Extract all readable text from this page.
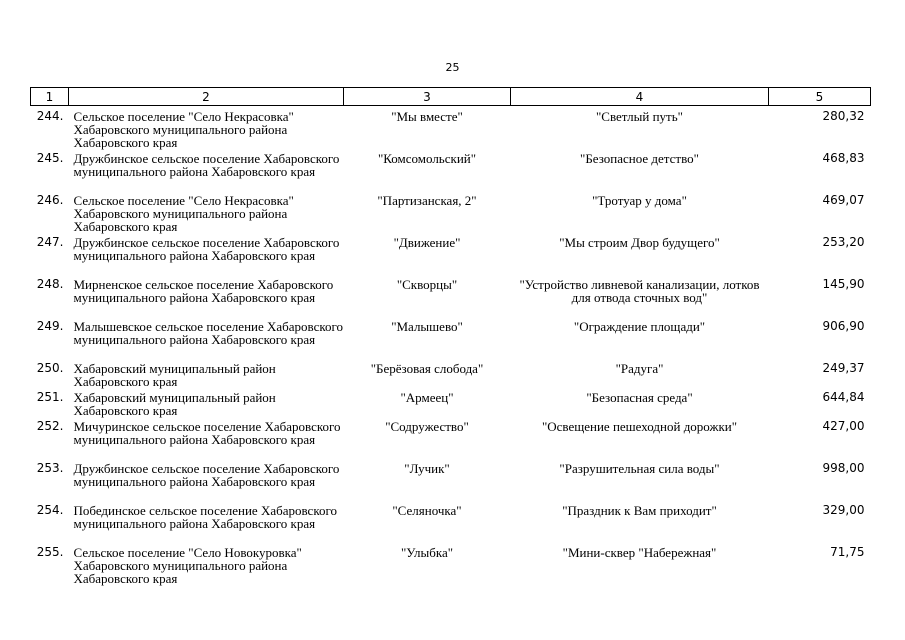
25
1	2	3	4	5
244.	Сельское поселение "Село Некрасовка" Хабаровского муниципального района Хабаровского края	"Мы вместе"	"Светлый путь"	280,32
245.	Дружбинское сельское поселение Хабаровского муниципального района Хабаровского края	"Комсомольский"	"Безопасное детство"	468,83
246.	Сельское поселение "Село Некрасовка" Хабаровского муниципального района Хабаровского края	"Партизанская, 2"	"Тротуар у дома"	469,07
247.	Дружбинское сельское поселение Хабаровского муниципального района Хабаровского края	"Движение"	"Мы строим Двор будущего"	253,20
248.	Мирненское сельское поселение Хабаровского муниципального района Хабаровского края	"Скворцы"	"Устройство ливневой канализации, лотков для отвода сточных вод"	145,90
249.	Малышевское сельское поселение Хабаровского муниципального района Хабаровского края	"Малышево"	"Ограждение площади"	906,90
250.	Хабаровский муниципальный район Хабаровского края	"Берёзовая слобода"	"Радуга"	249,37
251.	Хабаровский муниципальный район Хабаровского края	"Армеец"	"Безопасная среда"	644,84
252.	Мичуринское сельское поселение Хабаровского муниципального района Хабаровского края	"Содружество"	"Освещение пешеходной дорожки"	427,00
253.	Дружбинское сельское поселение Хабаровского муниципального района Хабаровского края	"Лучик"	"Разрушительная сила воды"	998,00
254.	Побединское сельское поселение Хабаровского муниципального района Хабаровского края	"Селяночка"	"Праздник к Вам приходит"	329,00
255.	Сельское поселение "Село Новокуровка" Хабаровского муниципального района Хабаровского края	"Улыбка"	"Мини-сквер "Набережная"	71,75
